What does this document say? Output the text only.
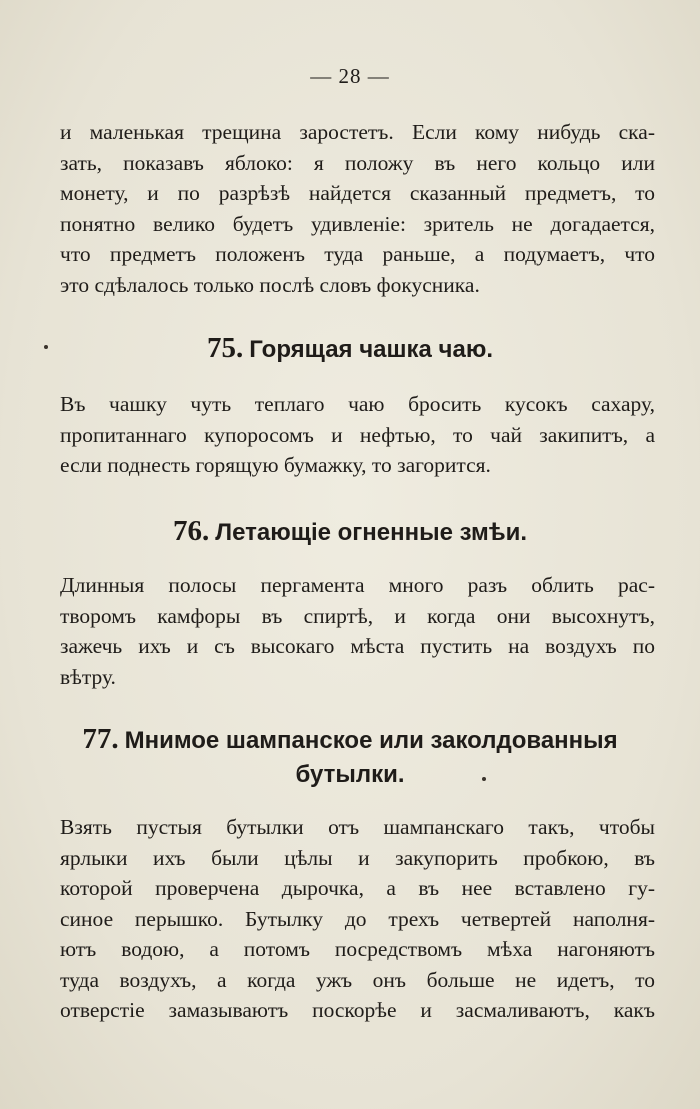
— 28 —

и маленькая трещина заростетъ. Если кому нибудь ска-

зать, показавъ яблоко: я положу въ него кольцо или

монету, и по разрѣзѣ найдется сказанный предметъ, то

понятно велико будетъ удивленіе: зритель не догадается,

что предметъ положенъ туда раньше, а подумаетъ, что

это сдѣлалось только послѣ словъ фокусника.

75. Горящая чашка чаю.

Въ чашку чуть теплаго чаю бросить кусокъ сахару,

пропитаннаго купоросомъ и нефтью, то чай закипитъ, а

если поднесть горящую бумажку, то загорится.

76. Летающіе огненные змѣи.

Длинныя полосы пергамента много разъ облить рас-

творомъ камфоры въ спиртѣ, и когда они высохнутъ,

зажечь ихъ и съ высокаго мѣста пустить на воздухъ по

вѣтру.

77. Мнимое шампанское или заколдованныя
бутылки.

Взять пустыя бутылки отъ шампанскаго такъ, чтобы

ярлыки ихъ были цѣлы и закупорить пробкою, въ

которой проверчена дырочка, а въ нее вставлено гу-

синое перышко. Бутылку до трехъ четвертей наполня-

ютъ водою, а потомъ посредствомъ мѣха нагоняютъ

туда воздухъ, а когда ужъ онъ больше не идетъ, то

отверстіе замазываютъ поскорѣе и засмаливаютъ, какъ
